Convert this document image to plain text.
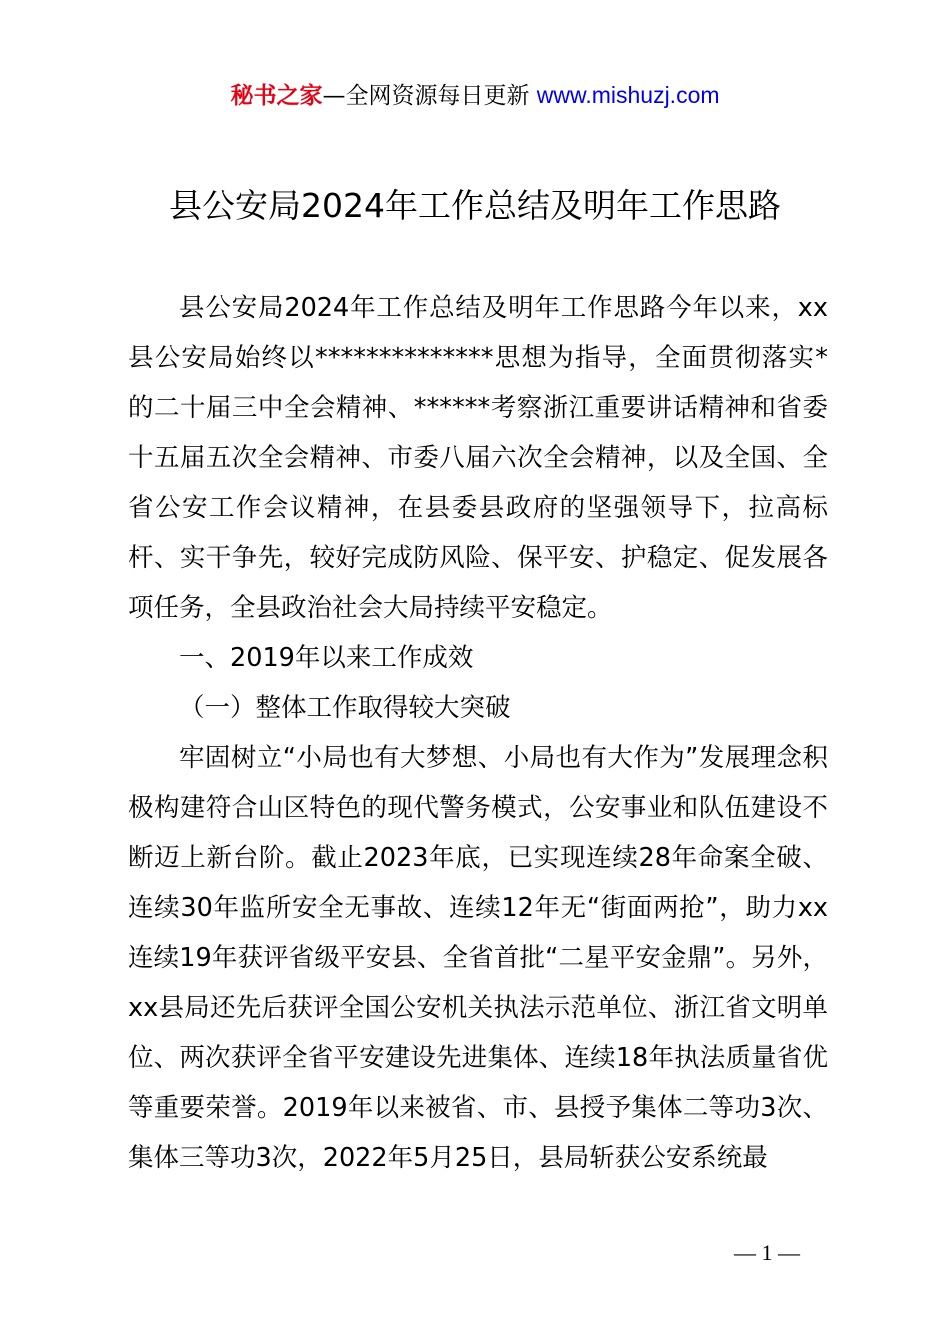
秘书之家—全网资源每日更新 www.mishuzj.com
县公安局2024年工作总结及明年工作思路

县公安局2024年工作总结及明年工作思路今年以来，xx县公安局始终以**************思想为指导，全面贯彻落实*的二十届三中全会精神、******考察浙江重要讲话精神和省委十五届五次全会精神、市委八届六次全会精神，以及全国、全省公安工作会议精神，在县委县政府的坚强领导下，拉高标杆、实干争先，较好完成防风险、保平安、护稳定、促发展各项任务，全县政治社会大局持续平安稳定。

一、2019年以来工作成效

（一）整体工作取得较大突破

牢固树立“小局也有大梦想、小局也有大作为”发展理念积极构建符合山区特色的现代警务模式，公安事业和队伍建设不断迈上新台阶。截止2023年底，已实现连续28年命案全破、连续30年监所安全无事故、连续12年无“街面两抢”，助力xx连续19年获评省级平安县、全省首批“二星平安金鼎”。另外，xx县局还先后获评全国公安机关执法示范单位、浙江省文明单位、两次获评全省平安建设先进集体、连续18年执法质量省优等重要荣誉。2019年以来被省、市、县授予集体二等功3次、集体三等功3次，2022年5月25日，县局斩获公安系统最

— 1 —
